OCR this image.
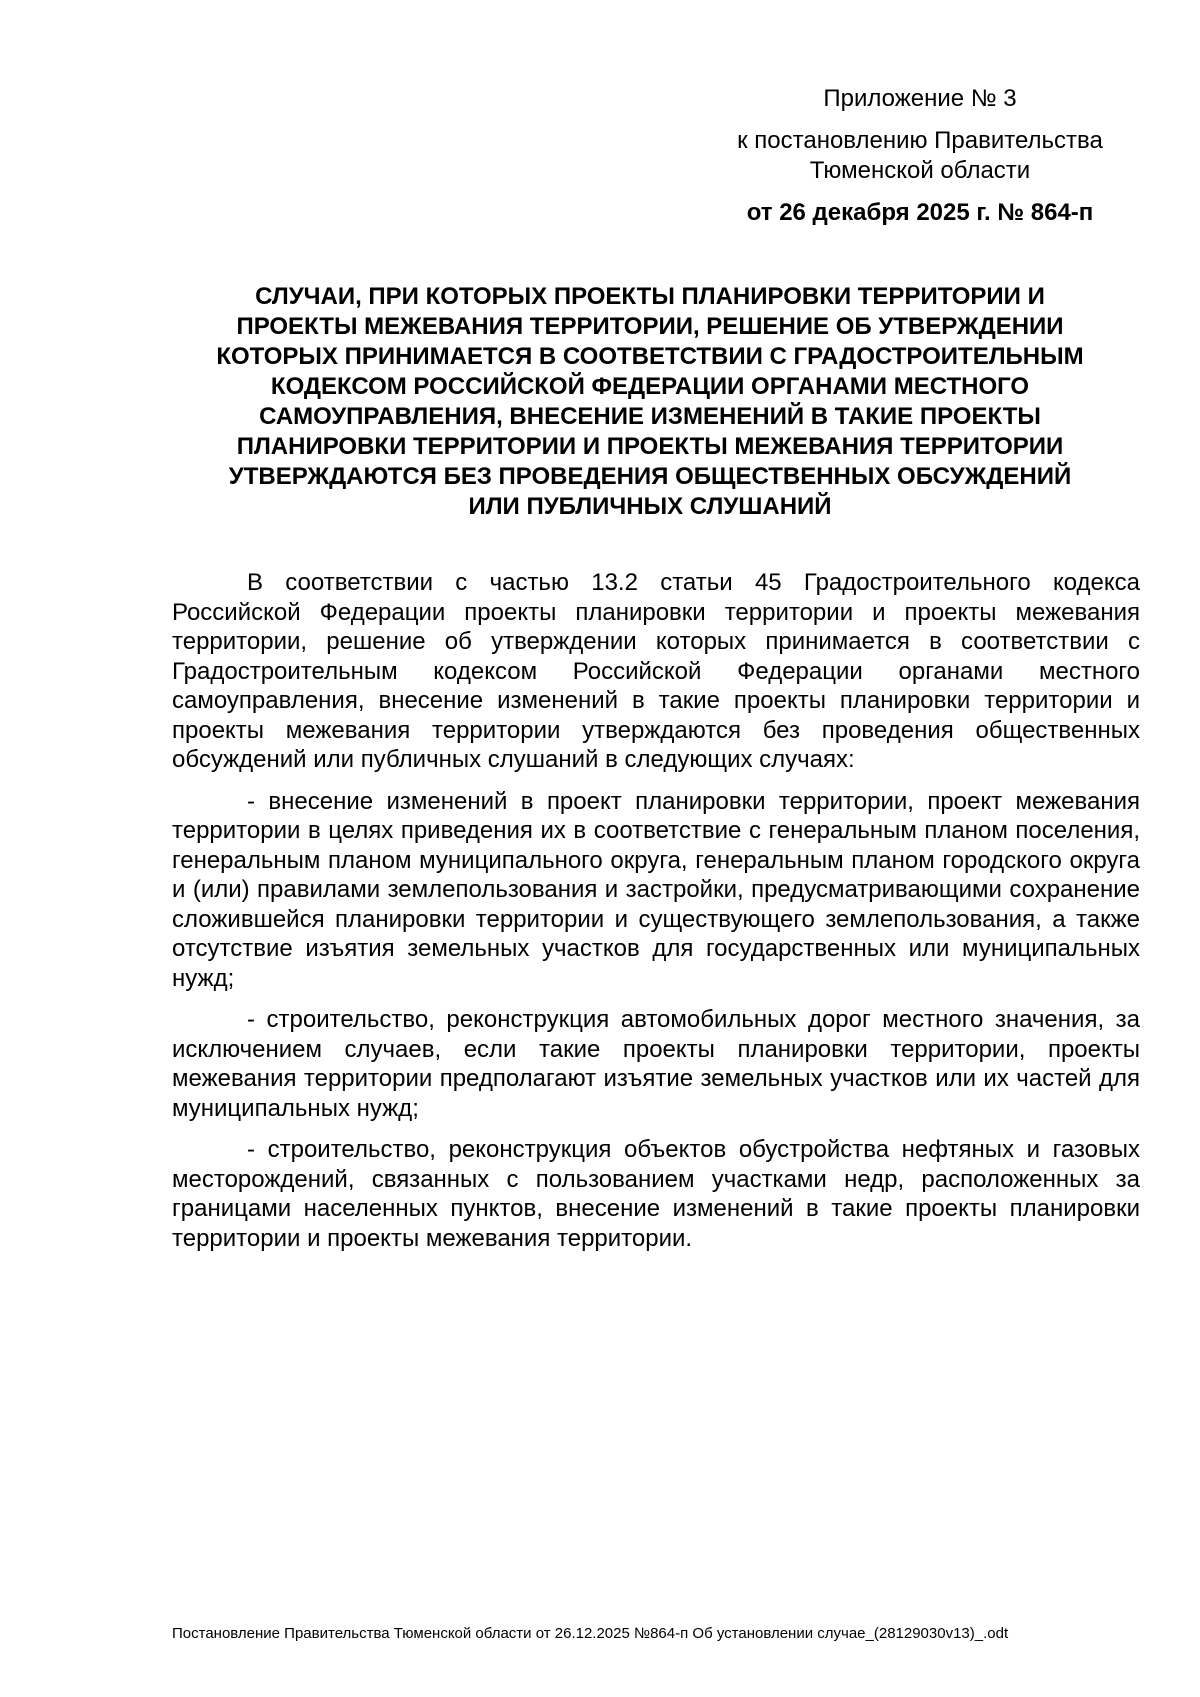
Приложение № 3
к постановлению Правительства
Тюменской области
от 26 декабря 2025 г. № 864-п
СЛУЧАИ, ПРИ КОТОРЫХ ПРОЕКТЫ ПЛАНИРОВКИ ТЕРРИТОРИИ И
ПРОЕКТЫ МЕЖЕВАНИЯ ТЕРРИТОРИИ, РЕШЕНИЕ ОБ УТВЕРЖДЕНИИ
КОТОРЫХ ПРИНИМАЕТСЯ В СООТВЕТСТВИИ С ГРАДОСТРОИТЕЛЬНЫМ
КОДЕКСОМ РОССИЙСКОЙ ФЕДЕРАЦИИ ОРГАНАМИ МЕСТНОГО
САМОУПРАВЛЕНИЯ, ВНЕСЕНИЕ ИЗМЕНЕНИЙ В ТАКИЕ ПРОЕКТЫ
ПЛАНИРОВКИ ТЕРРИТОРИИ И ПРОЕКТЫ МЕЖЕВАНИЯ ТЕРРИТОРИИ
УТВЕРЖДАЮТСЯ БЕЗ ПРОВЕДЕНИЯ ОБЩЕСТВЕННЫХ ОБСУЖДЕНИЙ
ИЛИ ПУБЛИЧНЫХ СЛУШАНИЙ

В соответствии с частью 13.2 статьи 45 Градостроительного кодекса Российской Федерации проекты планировки территории и проекты межевания территории, решение об утверждении которых принимается в соответствии с Градостроительным кодексом Российской Федерации органами местного самоуправления, внесение изменений в такие проекты планировки территории и проекты межевания территории утверждаются без проведения общественных обсуждений или публичных слушаний в следующих случаях:

- внесение изменений в проект планировки территории, проект межевания территории в целях приведения их в соответствие с генеральным планом поселения, генеральным планом муниципального округа, генеральным планом городского округа и (или) правилами землепользования и застройки, предусматривающими сохранение сложившейся планировки территории и существующего землепользования, а также отсутствие изъятия земельных участков для государственных или муниципальных нужд;

- строительство, реконструкция автомобильных дорог местного значения, за исключением случаев, если такие проекты планировки территории, проекты межевания территории предполагают изъятие земельных участков или их частей для муниципальных нужд;

- строительство, реконструкция объектов обустройства нефтяных и газовых месторождений, связанных с пользованием участками недр, расположенных за границами населенных пунктов, внесение изменений в такие проекты планировки территории и проекты межевания территории.

Постановление Правительства Тюменской области от 26.12.2025 №864-п Об установлении случае_(28129030v13)_.odt
